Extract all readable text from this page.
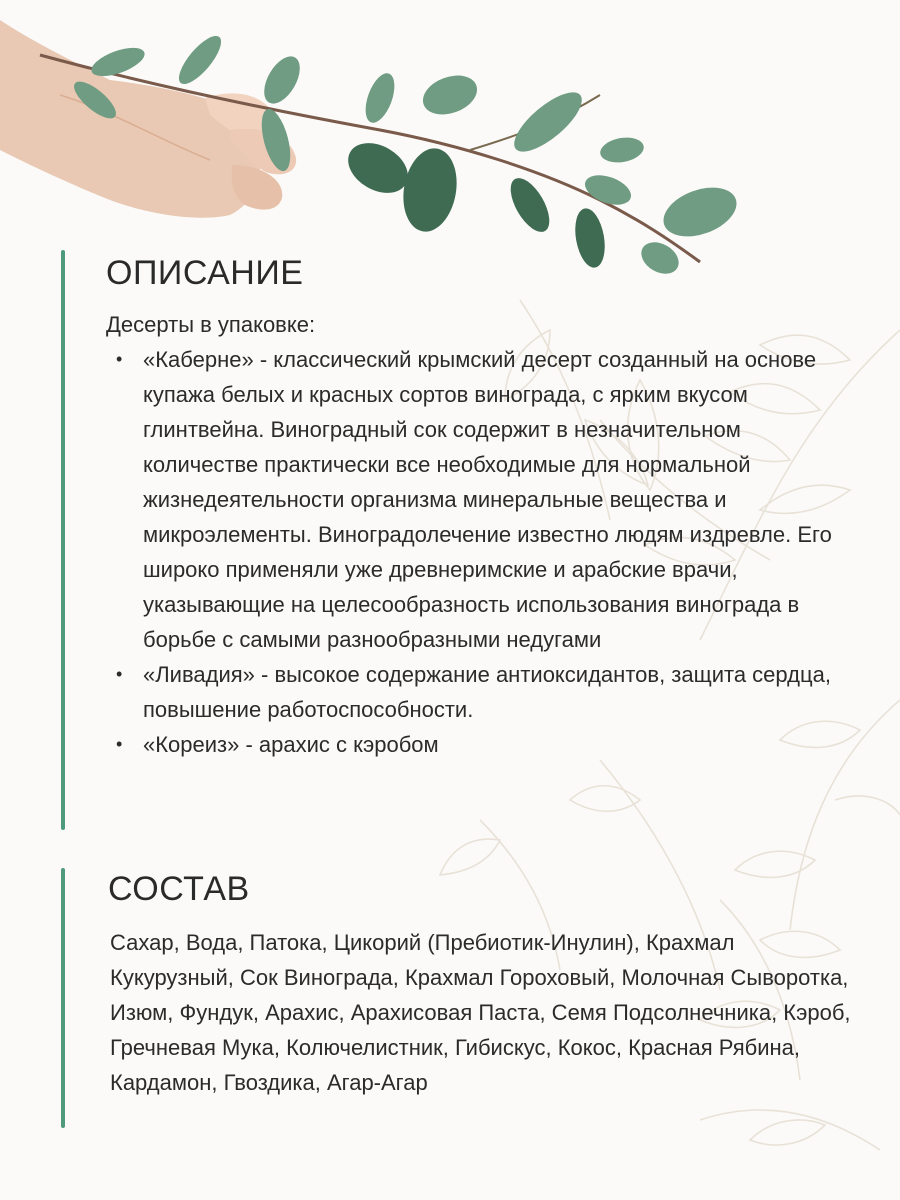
ОПИСАНИЕ

Десерты в упаковке:

• «Каберне» - классический крымский десерт созданный на основе купажа белых и красных сортов винограда, с ярким вкусом глинтвейна. Виноградный сок содержит в незначительном количестве практически все необходимые для нормальной жизнедеятельности организма минеральные вещества и микроэлементы. Виноградолечение известно людям издревле. Его широко применяли уже древнеримские и арабские врачи, указывающие на целесообразность использования винограда в борьбе с самыми разнообразными недугами
• «Ливадия» - высокое содержание антиоксидантов, защита сердца, повышение работоспособности.
• «Кореиз» - арахис с кэробом
СОСТАВ

Сахар, Вода, Патока, Цикорий (Пребиотик-Инулин), Крахмал Кукурузный, Сок Винограда, Крахмал Гороховый, Молочная Сыворотка, Изюм, Фундук, Арахис, Арахисовая Паста, Семя Подсолнечника, Кэроб, Гречневая Мука, Колючелистник, Гибискус, Кокос, Красная Рябина, Кардамон, Гвоздика, Агар-Агар
